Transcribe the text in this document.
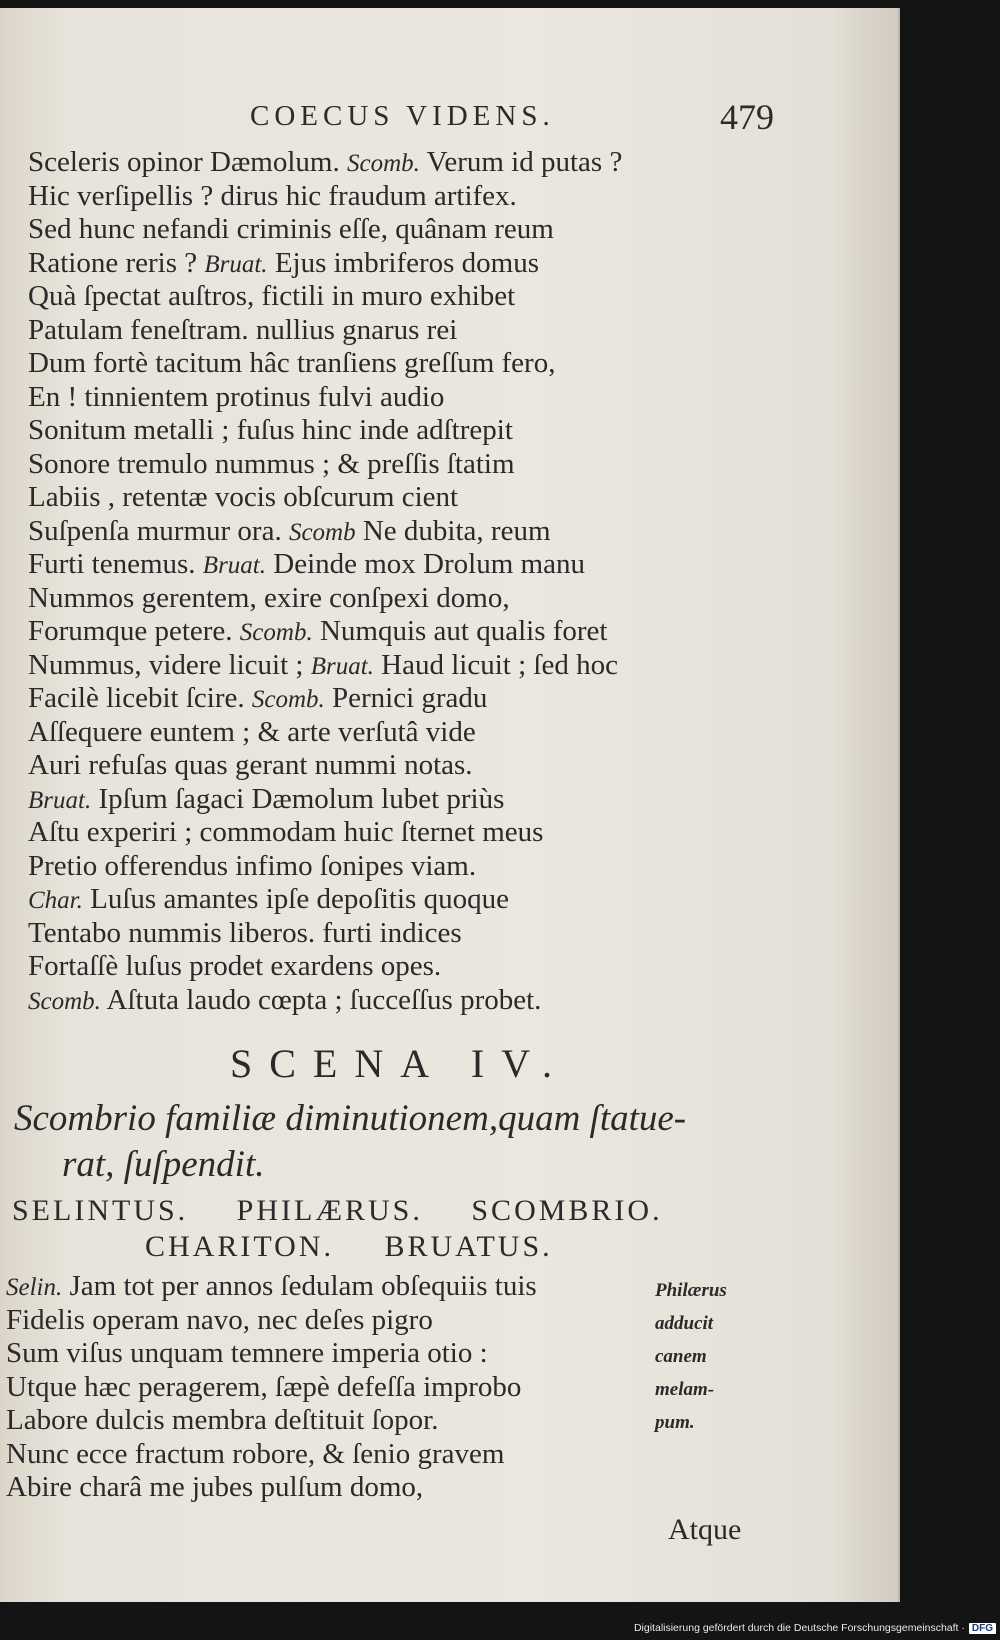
COECUS VIDENS.	479
Sceleris opinor Dæmolum. Scomb. Verum id putas ?
Hic verſipellis ? dirus hic fraudum artifex.
Sed hunc nefandi criminis eſſe, quânam reum
Ratione reris ? Bruat. Ejus imbriferos domus
Quà ſpectat auſtros, fictili in muro exhibet
Patulam feneſtram. nullius gnarus rei
Dum fortè tacitum hâc tranſiens greſſum fero,
En ! tinnientem protinus fulvi audio
Sonitum metalli ; fuſus hinc inde adſtrepit
Sonore tremulo nummus ; & preſſis ſtatim
Labiis , retentæ vocis obſcurum cient
Suſpenſa murmur ora. Scomb Ne dubita, reum
Furti tenemus. Bruat. Deinde mox Drolum manu
Nummos gerentem, exire conſpexi domo,
Forumque petere. Scomb. Numquis aut qualis foret
Nummus, videre licuit ; Bruat. Haud licuit ; ſed hoc
Facilè licebit ſcire. Scomb. Pernici gradu
Aſſequere euntem ; & arte verſutâ vide
Auri refuſas quas gerant nummi notas.
Bruat. Ipſum ſagaci Dæmolum lubet priùs
Aſtu experiri ; commodam huic ſternet meus
Pretio offerendus infimo ſonipes viam.
Char. Luſus amantes ipſe depoſitis quoque
Tentabo nummis liberos. furti indices
Fortaſſè luſus prodet exardens opes.
Scomb. Aſtuta laudo cœpta ; ſucceſſus probet.
SCENA IV.
Scombrio familiæ diminutionem,quam ſtatue-
rat, ſuſpendit.
SELINTUS. PHILÆRUS. SCOMBRIO.
CHARITON. BRUATUS.
Selin. Jam tot per annos ſedulam obſequiis tuis
Fidelis operam navo, nec deſes pigro
Sum viſus unquam temnere imperia otio :
Utque hæc peragerem, ſæpè defeſſa improbo
Labore dulcis membra deſtituit ſopor.
Nunc ecce fractum robore, & ſenio gravem
Abire charâ me jubes pulſum domo,
Philærus
adducit
canem
melam-
pum.
Atque
Digitalisierung gefördert durch die Deutsche Forschungsgemeinschaft · DFG
